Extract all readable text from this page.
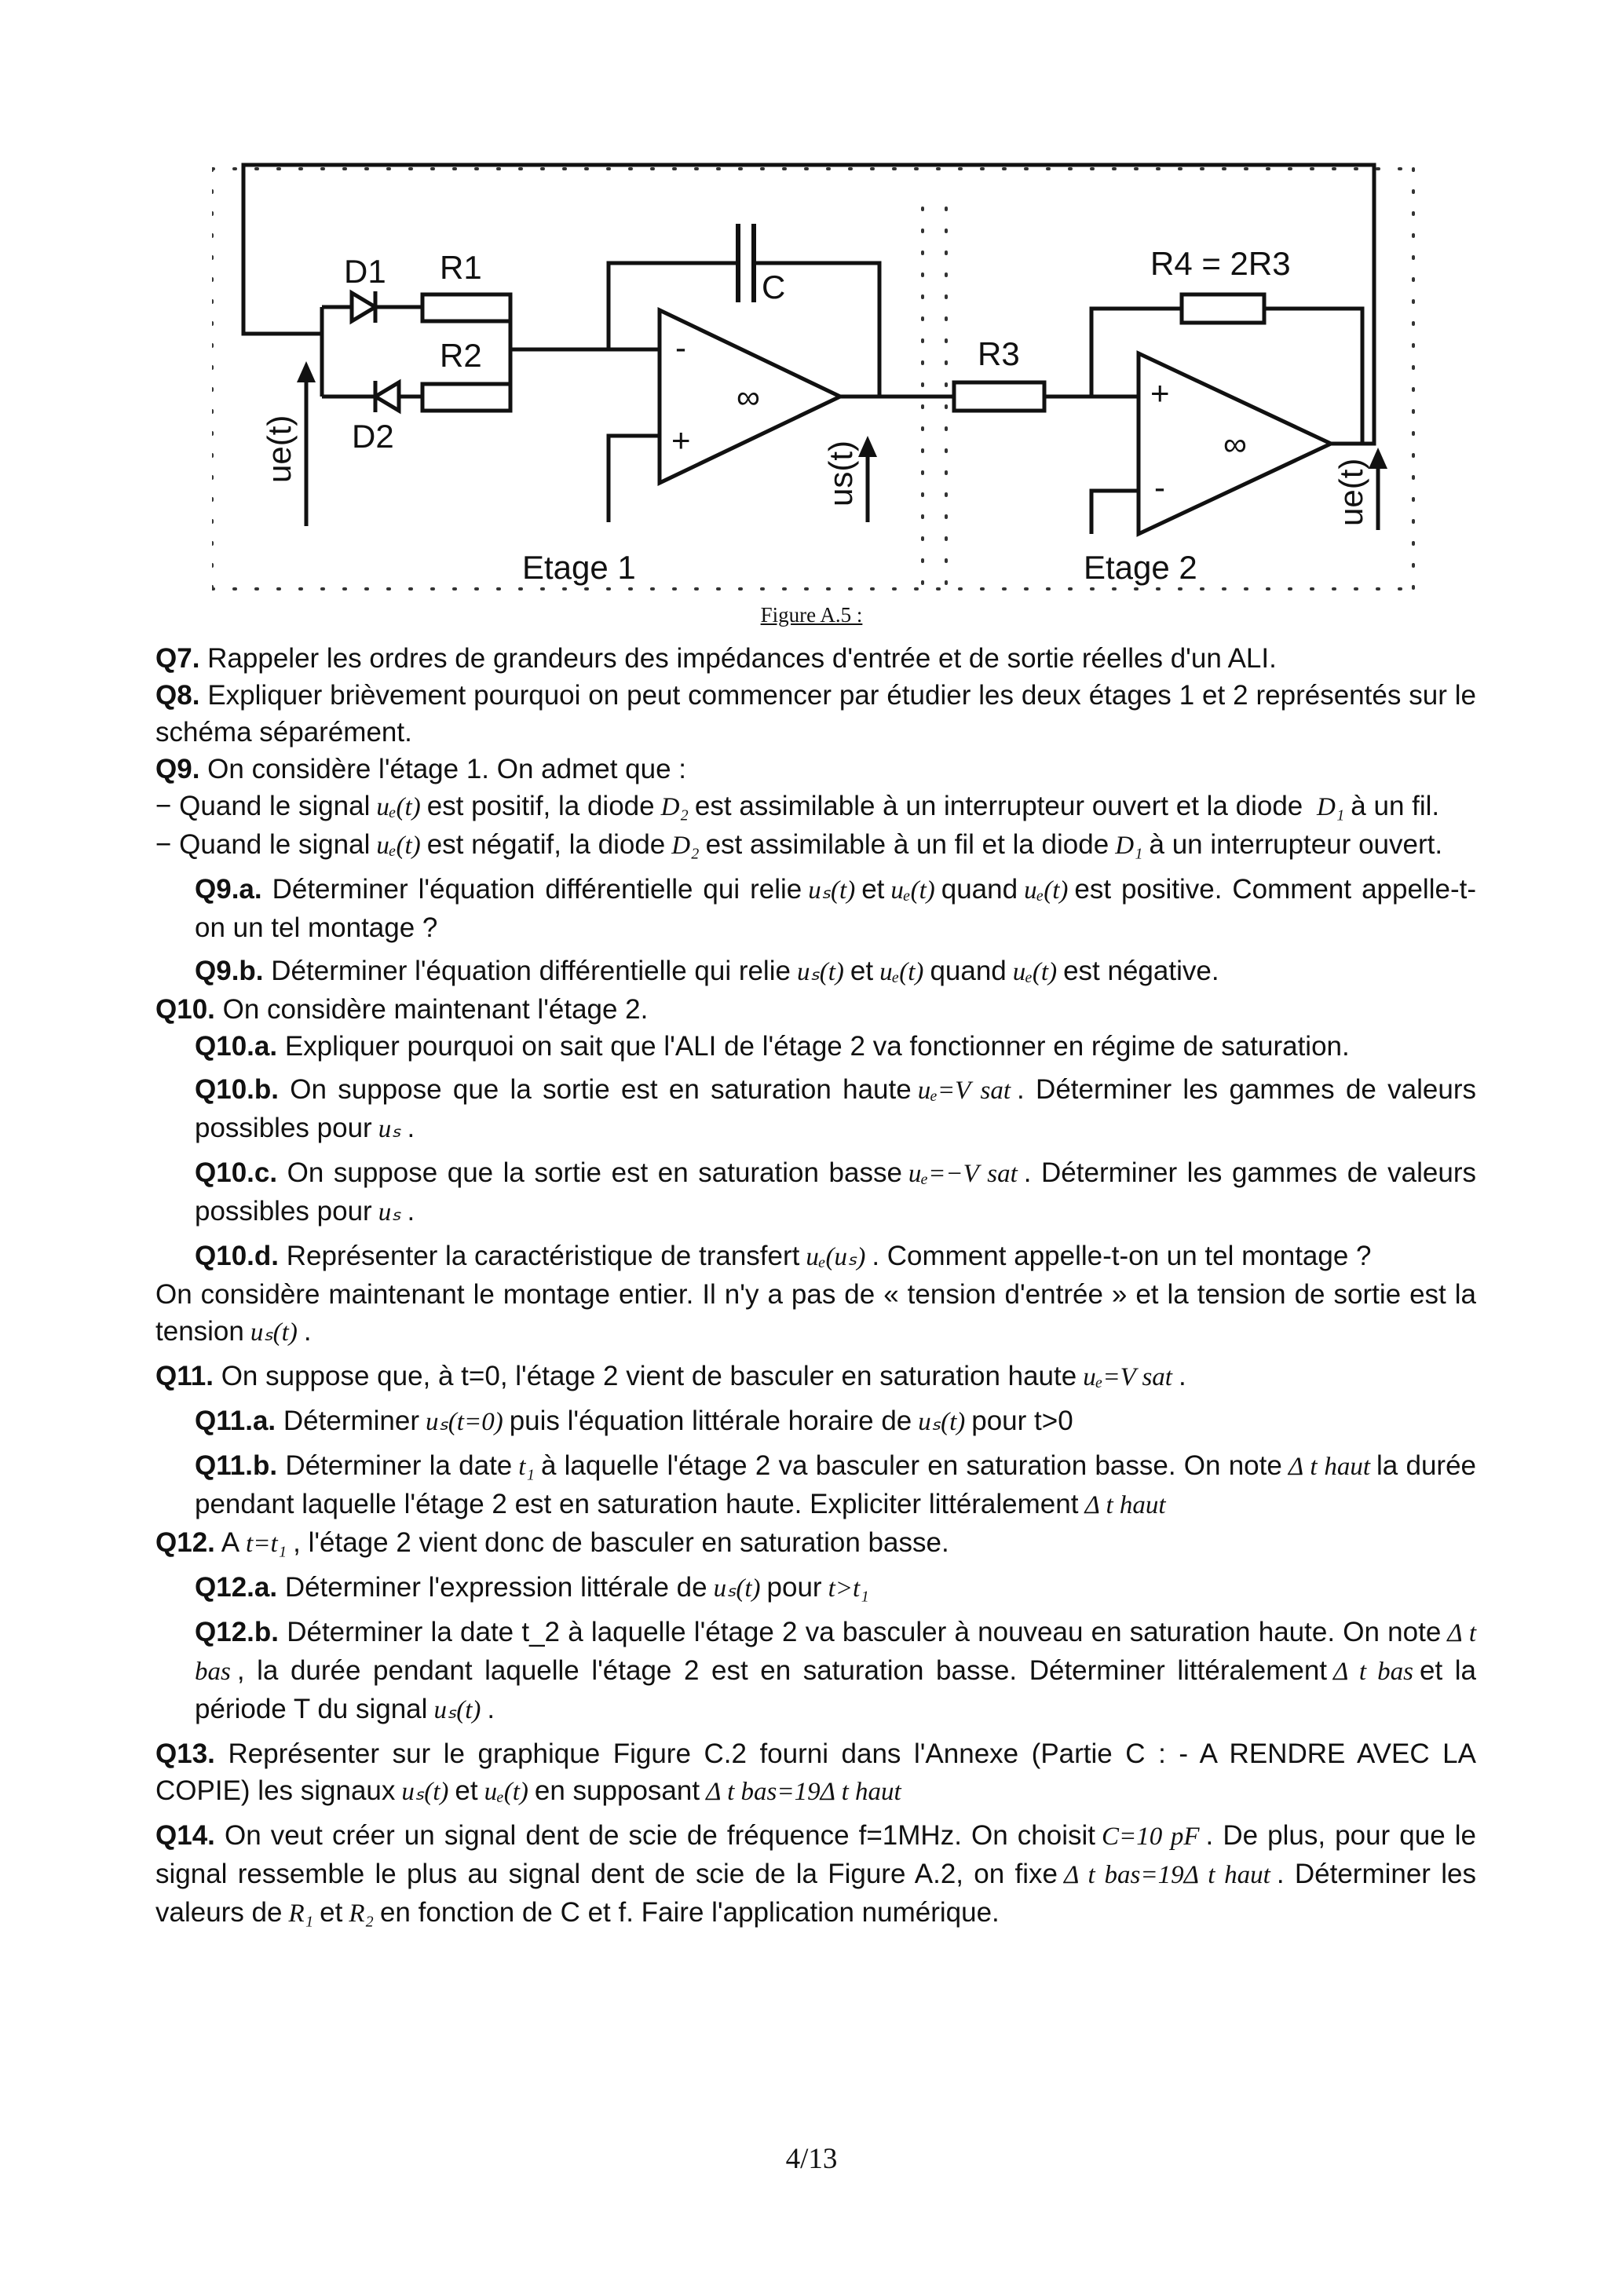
D1 R1
R2
D2
C
R3
R4 = 2R3
-
+
∞	+
-
∞
ue(t)	us(t)	ue(t)
Etage 1	Etage 2
Figure A.5 :

Q7. Rappeler les ordres de grandeurs des impédances d'entrée et de sortie réelles d'un ALI.

Q8. Expliquer brièvement pourquoi on peut commencer par étudier les deux étages 1 et 2 représentés sur le schéma séparément.

Q9. On considère l'étage 1. On admet que :

− Quand le signal uₑ(t) est positif, la diode D₂ est assimilable à un interrupteur ouvert et la diode D₁ à un fil.

− Quand le signal uₑ(t) est négatif, la diode D₂ est assimilable à un fil et la diode D₁ à un interrupteur ouvert.

Q9.a. Déterminer l'équation différentielle qui relie uₛ(t) et uₑ(t) quand uₑ(t) est positive. Comment appelle-t-on un tel montage ?

Q9.b. Déterminer l'équation différentielle qui relie uₛ(t) et uₑ(t) quand uₑ(t) est négative.

Q10. On considère maintenant l'étage 2.

Q10.a. Expliquer pourquoi on sait que l'ALI de l'étage 2 va fonctionner en régime de saturation.

Q10.b. On suppose que la sortie est en saturation haute uₑ=V sat . Déterminer les gammes de valeurs possibles pour uₛ .

Q10.c. On suppose que la sortie est en saturation basse uₑ=−V sat . Déterminer les gammes de valeurs possibles pour uₛ .

Q10.d. Représenter la caractéristique de transfert uₑ(uₛ) . Comment appelle-t-on un tel montage ?

On considère maintenant le montage entier. Il n'y a pas de « tension d'entrée » et la tension de sortie est la tension uₛ(t) .

Q11. On suppose que, à t=0, l'étage 2 vient de basculer en saturation haute uₑ=V sat .

Q11.a. Déterminer uₛ(t=0) puis l'équation littérale horaire de uₛ(t) pour t>0

Q11.b. Déterminer la date t₁ à laquelle l'étage 2 va basculer en saturation basse. On note Δ t haut la durée pendant laquelle l'étage 2 est en saturation haute. Expliciter littéralement Δ t haut

Q12. A t=t₁ , l'étage 2 vient donc de basculer en saturation basse.

Q12.a. Déterminer l'expression littérale de uₛ(t) pour t>t₁

Q12.b. Déterminer la date t_2 à laquelle l'étage 2 va basculer à nouveau en saturation haute. On note Δ t bas , la durée pendant laquelle l'étage 2 est en saturation basse. Déterminer littéralement Δ t bas et la période T du signal uₛ(t) .

Q13. Représenter sur le graphique Figure C.2 fourni dans l'Annexe (Partie C : - A RENDRE AVEC LA COPIE) les signaux uₛ(t) et uₑ(t) en supposant Δ t bas=19Δ t haut

Q14. On veut créer un signal dent de scie de fréquence f=1MHz. On choisit C=10 pF . De plus, pour que le signal ressemble le plus au signal dent de scie de la Figure A.2, on fixe Δ t bas=19Δ t haut . Déterminer les valeurs de R₁ et R₂ en fonction de C et f. Faire l'application numérique.

4/13
